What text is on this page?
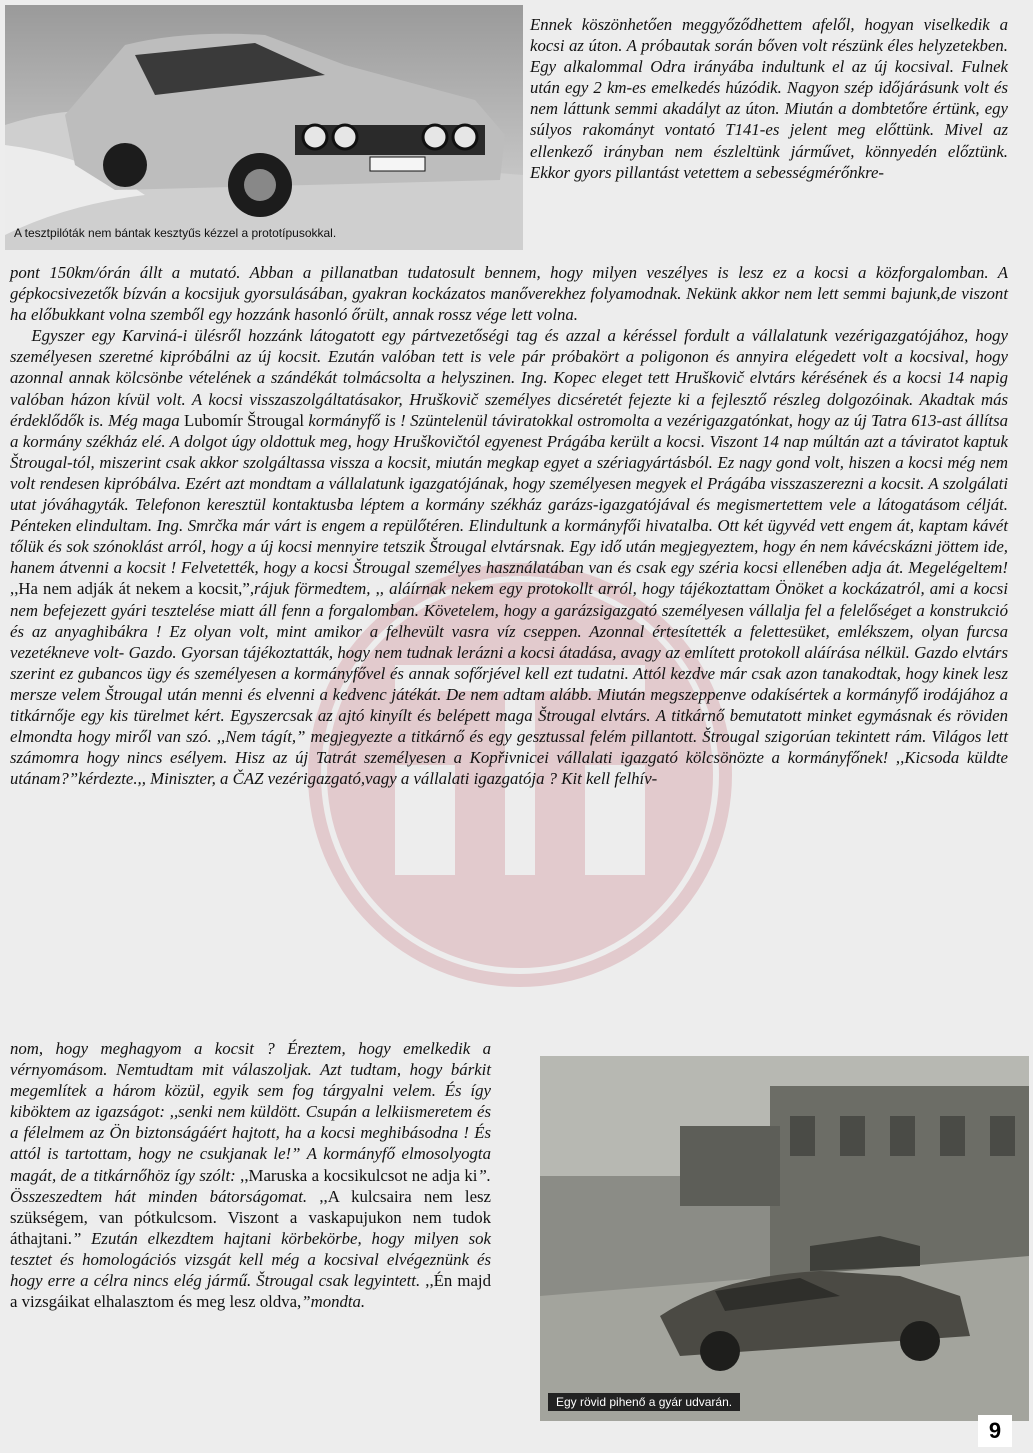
A tesztpilóták nem bántak kesztyűs kézzel a prototípusokkal.
Egy rövid pihenő a gyár udvarán.

Ennek köszönhetően meggyőződhettem afelől, hogyan viselkedik a kocsi az úton. A próbautak során bőven volt részünk éles helyzetekben. Egy alkalommal Odra irányába indultunk el az új kocsival. Fulnek után egy 2 km-es emelkedés húzódik. Nagyon szép időjárásunk volt és nem láttunk semmi akadályt az úton. Miután a dombtetőre értünk, egy súlyos rakományt vontató T141-es jelent meg előttünk. Mivel az ellenkező irányban nem észleltünk járművet, könnyedén előztünk. Ekkor gyors pillantást vetettem a sebességmérőnkre-

pont 150km/órán állt a mutató. Abban a pillanatban tudatosult bennem, hogy milyen veszélyes is lesz ez a kocsi a közforgalomban. A gépkocsivezetők bízván a kocsijuk gyorsulásában, gyakran kockázatos manőverekhez folyamodnak. Nekünk akkor nem lett semmi bajunk,de viszont ha előbukkant volna szemből egy hozzánk hasonló őrült, annak rossz vége lett volna.

Egyszer egy Karviná-i ülésről hozzánk látogatott egy pártvezetőségi tag és azzal a kéréssel fordult a vállalatunk vezérigazgatójához, hogy személyesen szeretné kipróbálni az új kocsit. Ezután valóban tett is vele pár próbakört a poligonon és annyira elégedett volt a kocsival, hogy azonnal annak kölcsönbe vételének a szándékát tolmácsolta a helyszinen. Ing. Kopec eleget tett Hruškovič elvtárs kérésének és a kocsi 14 napig valóban házon kívül volt. A kocsi visszaszolgáltatásakor, Hruškovič személyes dicséretét fejezte ki a fejlesztő részleg dolgozóinak. Akadtak más érdeklődők is. Még maga Lubomír Štrougal kormányfő is ! Szüntelenül táviratokkal ostromolta a vezérigazgatónkat, hogy az új Tatra 613-ast állítsa a kormány székház elé. A dolgot úgy oldottuk meg, hogy Hruškovičtól egyenest Prágába került a kocsi. Viszont 14 nap múltán azt a táviratot kaptuk Štrougal-tól, miszerint csak akkor szolgáltassa vissza a kocsit, miután megkap egyet a szériagyártásból. Ez nagy gond volt, hiszen a kocsi még nem volt rendesen kipróbálva. Ezért azt mondtam a vállalatunk igazgatójának, hogy személyesen megyek el Prágába visszaszerezni a kocsit. A szolgálati utat jóváhagyták. Telefonon keresztül kontaktusba léptem a kormány székház garázs-igazgatójával és megismertettem vele a látogatásom célját. Pénteken elindultam. Ing. Smrčka már várt is engem a repülőtéren. Elindultunk a kormányfői hivatalba. Ott két ügyvéd vett engem át, kaptam kávét tőlük és sok szónoklást arról, hogy a új kocsi mennyire tetszik Štrougal elvtársnak. Egy idő után megjegyeztem, hogy én nem kávécskázni jöttem ide, hanem átvenni a kocsit ! Felvetették, hogy a kocsi Štrougal személyes használatában van és csak egy széria kocsi ellenében adja át. Megelégeltem! ,,Ha nem adják át nekem a kocsit,”,rájuk förmedtem, ,, aláírnak nekem egy protokollt arról, hogy tájékoztattam Önöket a kockázatról, ami a kocsi nem befejezett gyári tesztelése miatt áll fenn a forgalomban. Követelem, hogy a garázsigazgató személyesen vállalja fel a felelőséget a konstrukció és az anyaghibákra ! Ez olyan volt, mint amikor a felhevült vasra víz cseppen. Azonnal értesítették a felettesüket, emlékszem, olyan furcsa vezetékneve volt- Gazdo. Gyorsan tájékoztatták, hogy nem tudnak lerázni a kocsi átadása, avagy az említett protokoll aláírása nélkül. Gazdo elvtárs szerint ez gubancos ügy és személyesen a kormányfővel és annak sofőrjével kell ezt tudatni. Attól kezdve már csak azon tanakodtak, hogy kinek lesz mersze velem Štrougal után menni és elvenni a kedvenc játékát. De nem adtam alább. Miután megszeppenve odakísértek a kormányfő irodájához a titkárnője egy kis türelmet kért. Egyszercsak az ajtó kinyílt és belépett maga Štrougal elvtárs. A titkárnő bemutatott minket egymásnak és röviden elmondta hogy miről van szó. ,,Nem tágít,” megjegyezte a titkárnő és egy gesztussal felém pillantott. Štrougal szigorúan tekintett rám. Világos lett számomra hogy nincs esélyem. Hisz az új Tatrát személyesen a Kopřivnicei vállalati igazgató kölcsönözte a kormányfőnek! ,,Kicsoda küldte utánam?”kérdezte.,, Miniszter, a ČAZ vezérigazgató,vagy a vállalati igazgatója ? Kit kell felhív-

nom, hogy meghagyom a kocsit ? Éreztem, hogy emelkedik a vérnyomásom. Nemtudtam mit válaszoljak. Azt tudtam, hogy bárkit megemlítek a három közül, egyik sem fog tárgyalni velem. És így kiböktem az igazságot: ,,senki nem küldött. Csupán a lelkiismeretem és a félelmem az Ön biztonságáért hajtott, ha a kocsi meghibásodna ! És attól is tartottam, hogy ne csukjanak le!” A kormányfő elmosolyogta magát, de a titkárnőhöz így szólt: ,,Maruska a kocsikulcsot ne adja ki”. Összeszedtem hát minden bátorságomat. ,,A kulcsaira nem lesz szükségem, van pótkulcsom. Viszont a vaskapujukon nem tudok áthajtani.” Ezután elkezdtem hajtani körbekörbe, hogy milyen sok tesztet és homologációs vizsgát kell még a kocsival elvégeznünk és hogy erre a célra nincs elég jármű. Štrougal csak legyintett. ,,Én majd a vizsgáikat elhalasztom és meg lesz oldva,”mondta.

9
